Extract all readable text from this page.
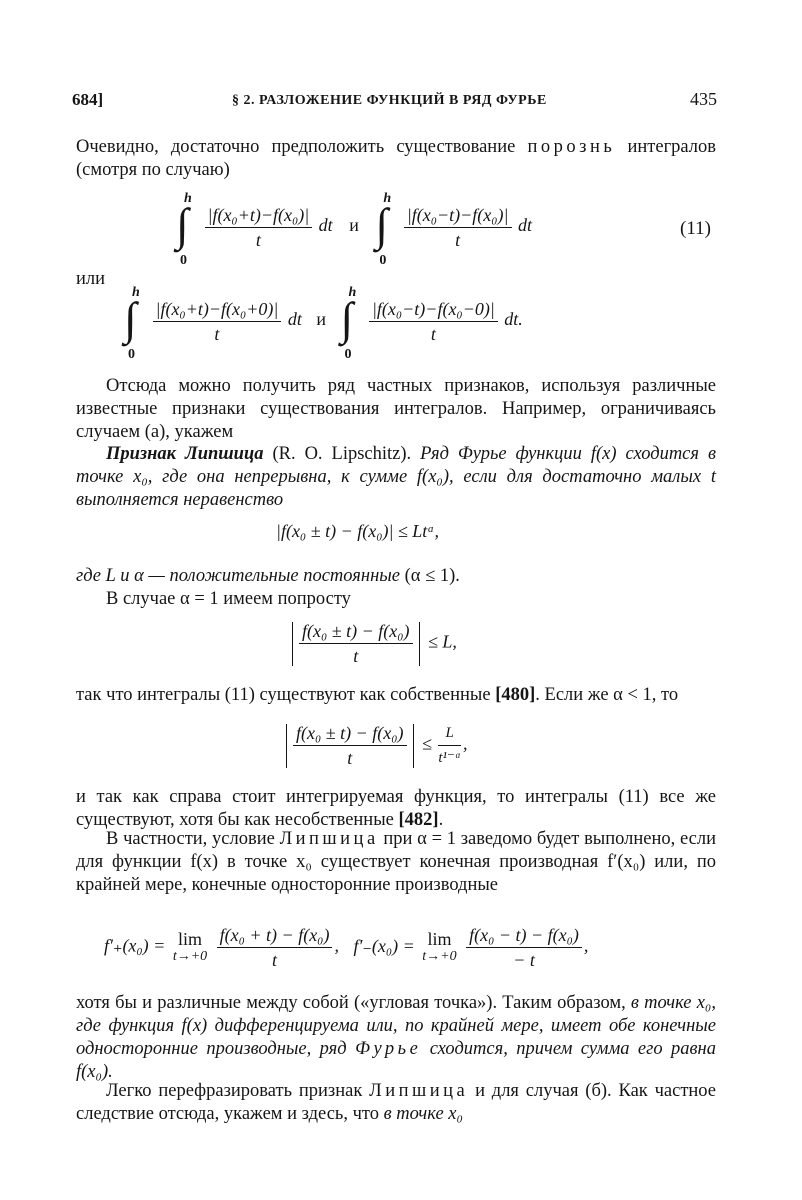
684]	§ 2. РАЗЛОЖЕНИЕ ФУНКЦИЙ В РЯД ФУРЬЕ	435
Очевидно, достаточно предположить существование порознь интегралов (смотря по случаю)
∫
h
0

$\frac{\text{|f(x₀+t)−f(x₀)|}}{t}$ dt и ∫
h
0

$\frac{\text{|f(x₀−t)−f(x₀)|}}{t}$ dt	(11)
или
∫
h
0

$\frac{\text{|f(x₀+t)−f(x₀+0)|}}{t}$ dt и ∫
h
0

$\frac{\text{|f(x₀−t)−f(x₀−0)|}}{t}$ dt.
Отсюда можно получить ряд частных признаков, используя различные известные признаки существования интегралов. Например, ограничиваясь случаем (а), укажем
Признак Липшица (R. O. Lipschitz). Ряд Фурье функции f(x) сходится в точке x₀, где она непрерывна, к сумме f(x₀), если для достаточно малых t выполняется неравенство
|f(x₀ ± t) − f(x₀)| ≤ Ltᵅ,
где L и α — положительные постоянные (α ≤ 1).
В случае α = 1 имеем попросту
$\frac{\text{f(x₀ ± t) − f(x₀)}}{t} \le L$,
так что интегралы (11) существуют как собственные [480]. Если же α < 1, то
$\frac{\text{f(x₀ ± t) − f(x₀)}}{t} \le \frac{L}{\text{t¹⁻ᵅ}}$ ,
и так как справа стоит интегрируемая функция, то интегралы (11) все же существуют, хотя бы как несобственные [482].
В частности, условие Липшица при α = 1 заведомо будет выполнено, если для функции f(x) в точке x₀ существует конечная производная f′(x₀) или, по крайней мере, конечные односторонние производные
f′₊(x₀) = lim
t→+0
$\frac{\text{f(x₀ + t) − f(x₀)}}{t}$ , f′₋(x₀) = lim
t→+0
$\frac{\text{f(x₀ − t) − f(x₀)}}{- t}$ ,
хотя бы и различные между собой («угловая точка»). Таким образом, в точке x₀, где функция f(x) дифференцируема или, по крайней мере, имеет обе конечные односторонние производные, ряд Фурье сходится, причем сумма его равна f(x₀).
Легко перефразировать признак Липшица и для случая (б). Как частное следствие отсюда, укажем и здесь, что в точке x₀
